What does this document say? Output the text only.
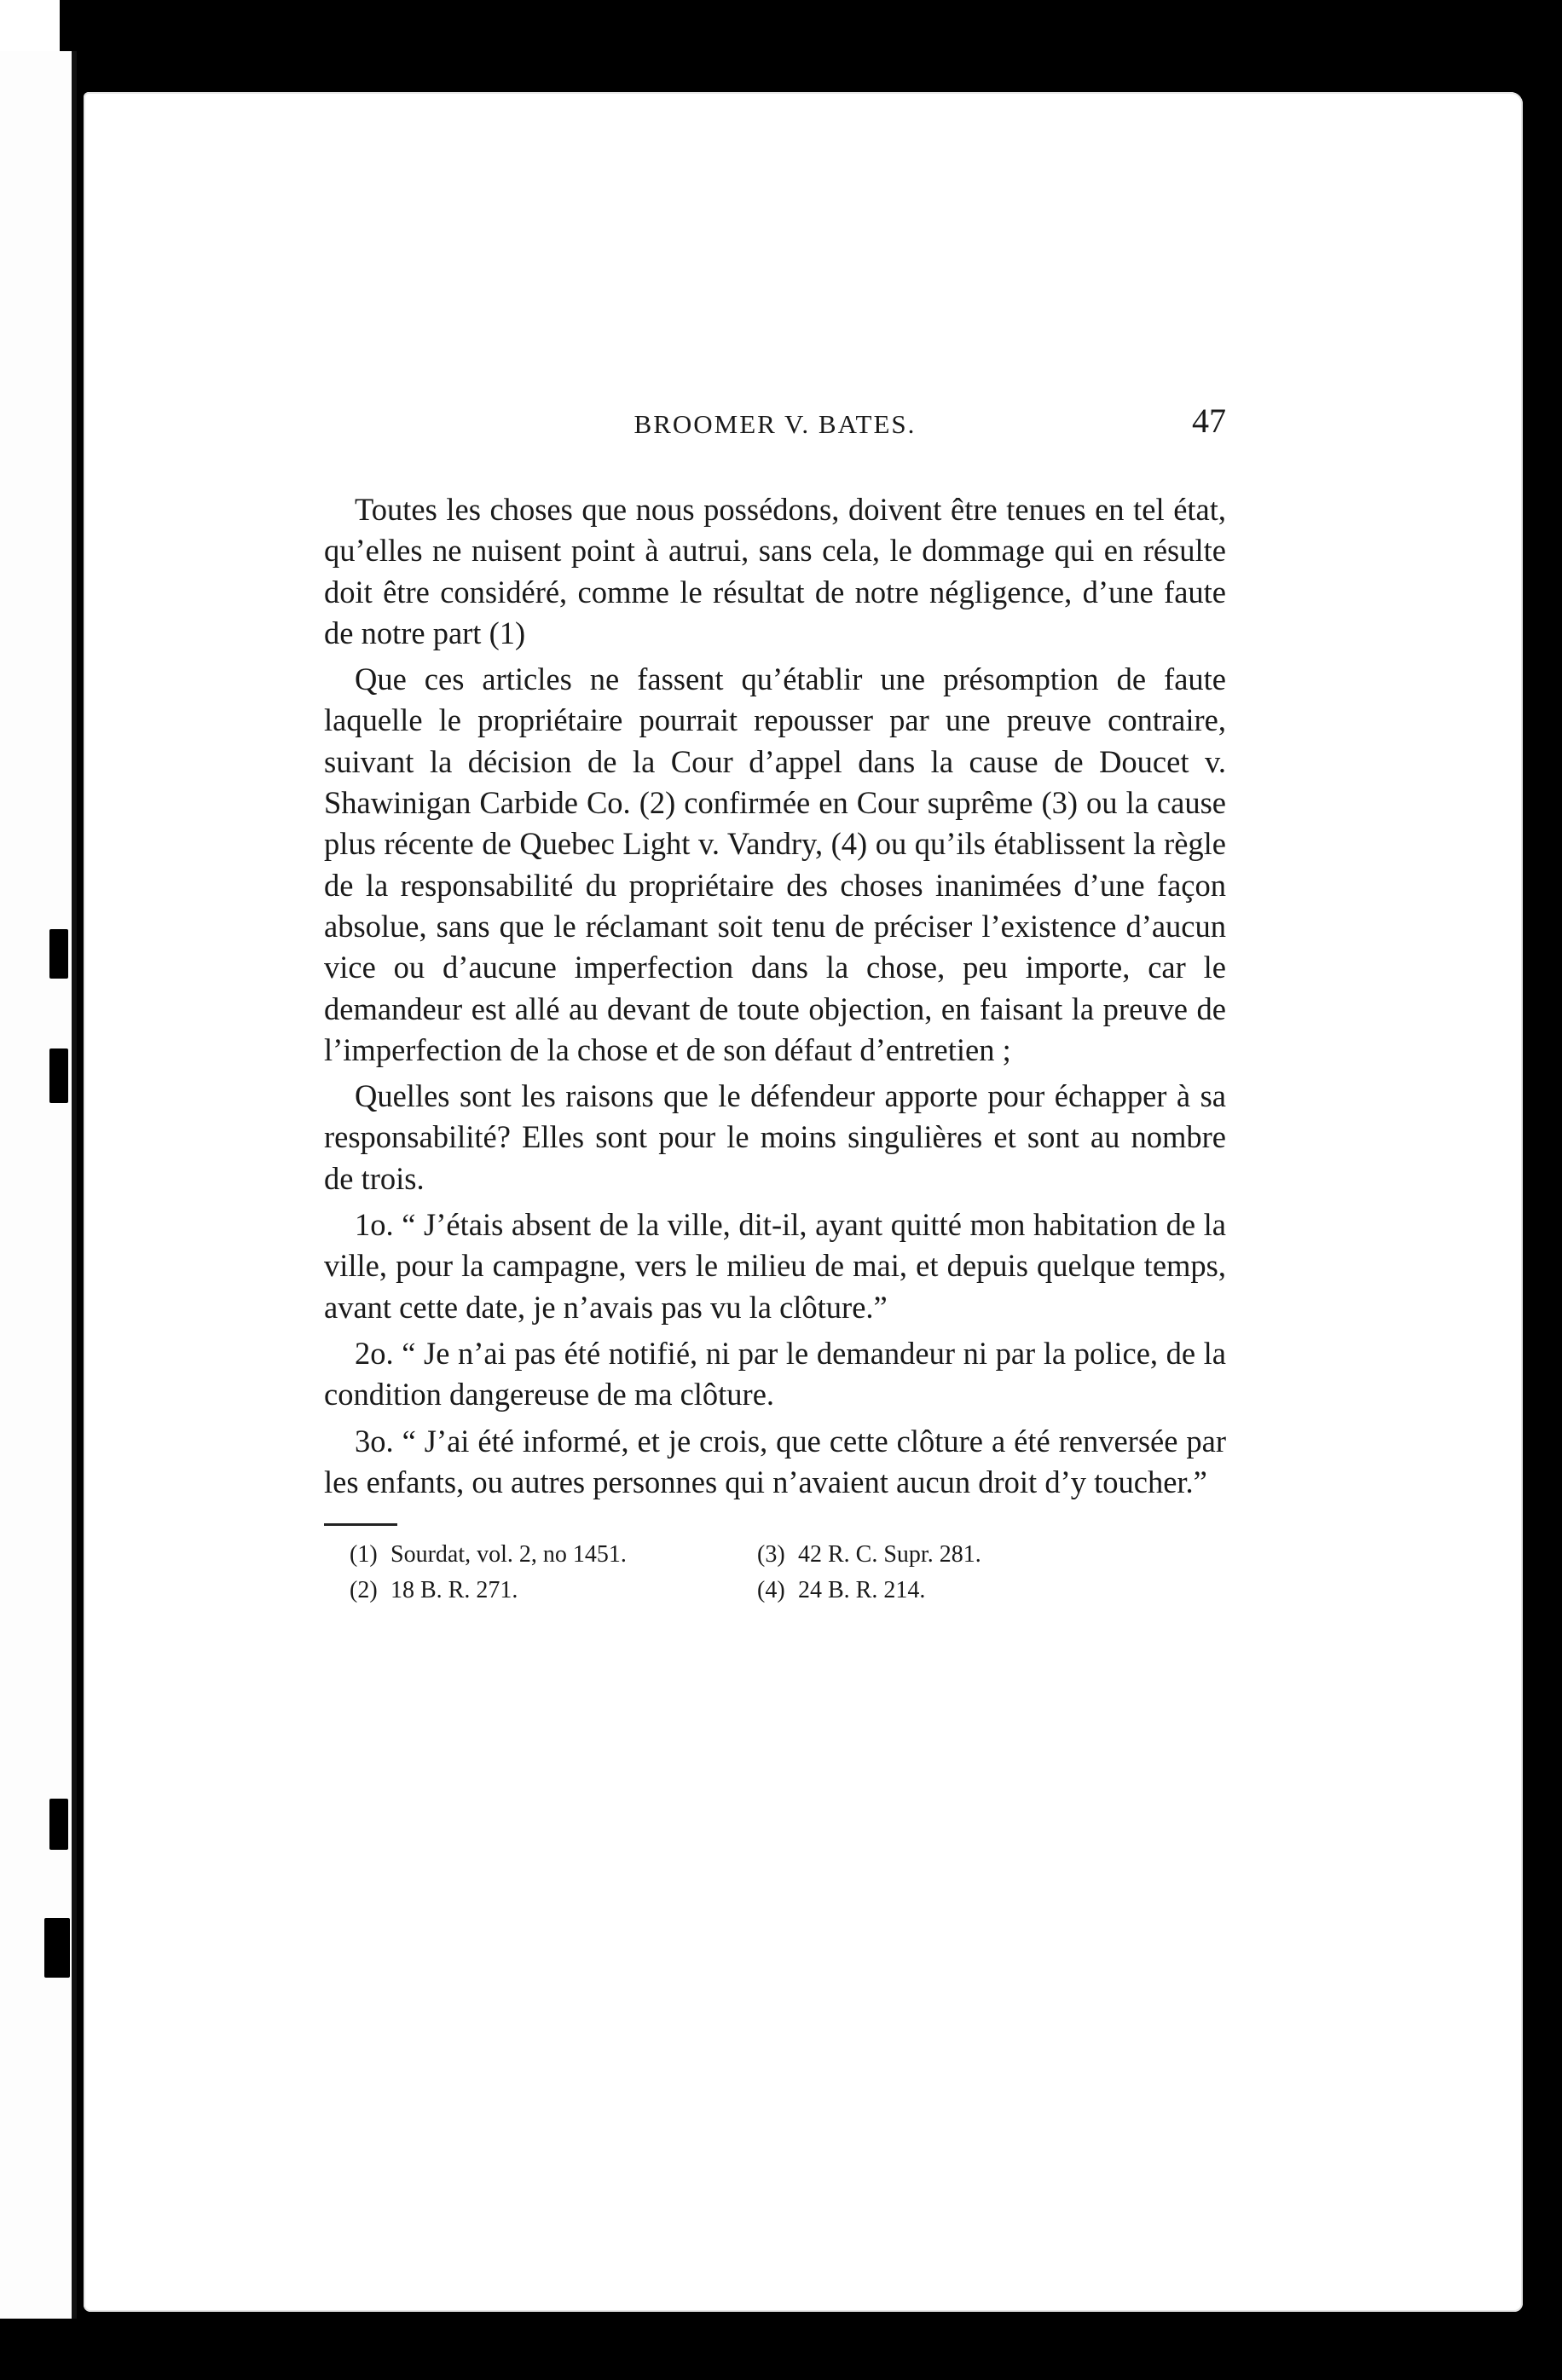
BROOMER V. BATES.	47

Toutes les choses que nous possédons, doivent être tenues en tel état, qu’elles ne nuisent point à autrui, sans cela, le dommage qui en résulte doit être considéré, comme le résultat de notre négligence, d’une faute de notre part (1)

Que ces articles ne fassent qu’établir une présomption de faute laquelle le propriétaire pourrait repousser par une preuve contraire, suivant la décision de la Cour d’appel dans la cause de Doucet v. Shawinigan Carbide Co. (2) confirmée en Cour suprême (3) ou la cause plus récente de Quebec Light v. Vandry, (4) ou qu’ils établissent la règle de la responsabilité du propriétaire des choses inanimées d’une façon absolue, sans que le réclamant soit tenu de préciser l’existence d’aucun vice ou d’aucune imperfection dans la chose, peu importe, car le demandeur est allé au devant de toute objection, en faisant la preuve de l’imperfection de la chose et de son défaut d’entretien ;

Quelles sont les raisons que le défendeur apporte pour échapper à sa responsabilité? Elles sont pour le moins singulières et sont au nombre de trois.

1o. “ J’étais absent de la ville, dit-il, ayant quitté mon habitation de la ville, pour la campagne, vers le milieu de mai, et depuis quelque temps, avant cette date, je n’avais pas vu la clôture.”

2o. “ Je n’ai pas été notifié, ni par le demandeur ni par la police, de la condition dangereuse de ma clôture.

3o. “ J’ai été informé, et je crois, que cette clôture a été renversée par les enfants, ou autres personnes qui n’avaient aucun droit d’y toucher.”

(1) Sourdat, vol. 2, no 1451.	(3) 42 R. C. Supr. 281.
(2) 18 B. R. 271.	(4) 24 B. R. 214.
